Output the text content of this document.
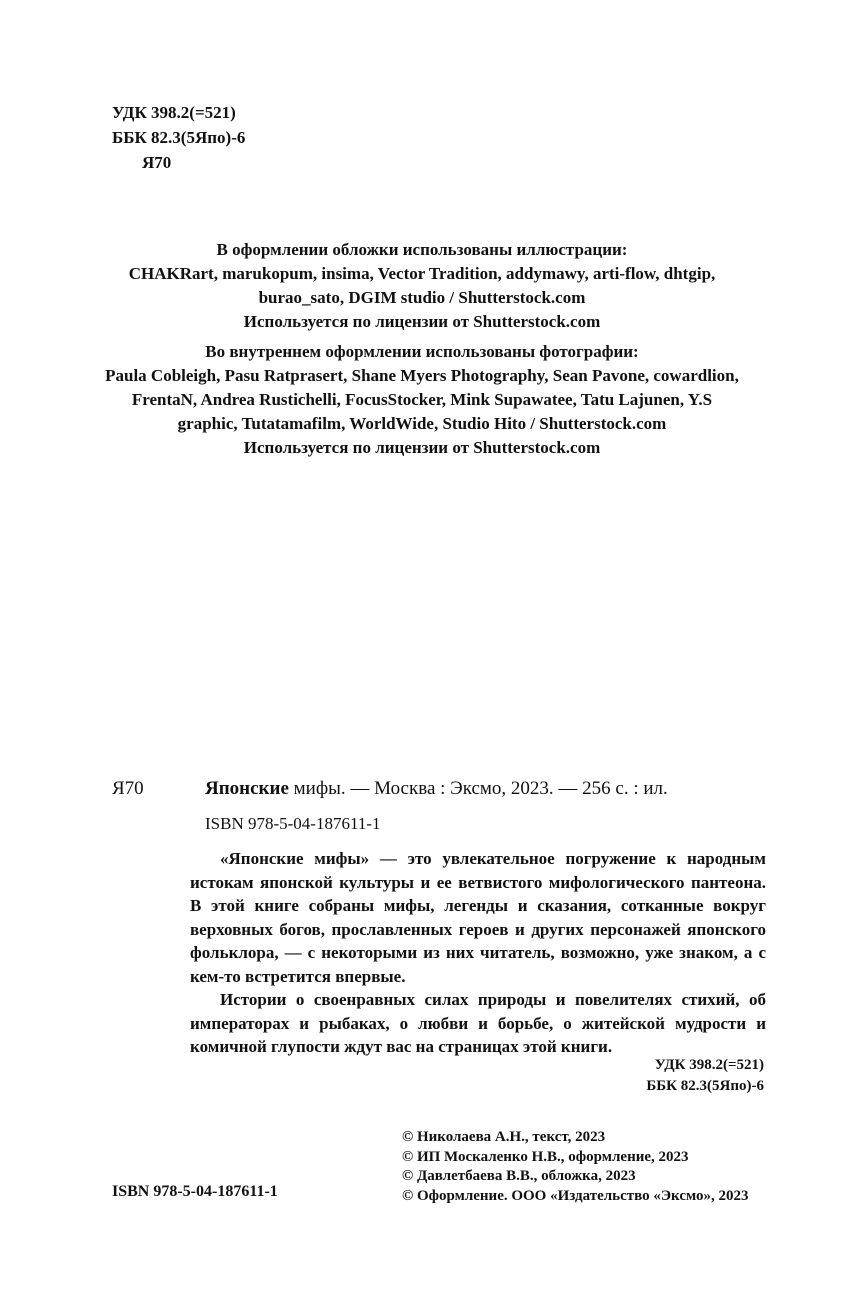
УДК 398.2(=521)
ББК 82.3(5Япо)-6
Я70
В оформлении обложки использованы иллюстрации:
CHAKRart, marukopum, insima, Vector Tradition, addymawy, arti-flow, dhtgip,
burao_sato, DGIM studio / Shutterstock.com
Используется по лицензии от Shutterstock.com
Во внутреннем оформлении использованы фотографии:
Paula Cobleigh, Pasu Ratprasert, Shane Myers Photography, Sean Pavone, cowardlion,
FrentaN, Andrea Rustichelli, FocusStocker, Mink Supawatee, Tatu Lajunen, Y.S
graphic, Tutatamafilm, WorldWide, Studio Hito / Shutterstock.com
Используется по лицензии от Shutterstock.com
Я70	Японские мифы. — Москва : Эксмо, 2023. — 256 с. : ил.
ISBN 978-5-04-187611-1

«Японские мифы» — это увлекательное погружение к народным истокам японской культуры и ее ветвистого мифологического пантеона. В этой книге собраны мифы, легенды и сказания, сотканные вокруг верховных богов, прославленных героев и других персонажей японского фольклора, — с некоторыми из них читатель, возможно, уже знаком, а с кем-то встретится впервые.

Истории о своенравных силах природы и повелителях стихий, об императорах и рыбаках, о любви и борьбе, о житейской мудрости и комичной глупости ждут вас на страницах этой книги.

УДК 398.2(=521)
ББК 82.3(5Япо)-6
© Николаева А.Н., текст, 2023
© ИП Москаленко Н.В., оформление, 2023
© Давлетбаева В.В., обложка, 2023
© Оформление. ООО «Издательство «Эксмо», 2023
ISBN 978-5-04-187611-1
